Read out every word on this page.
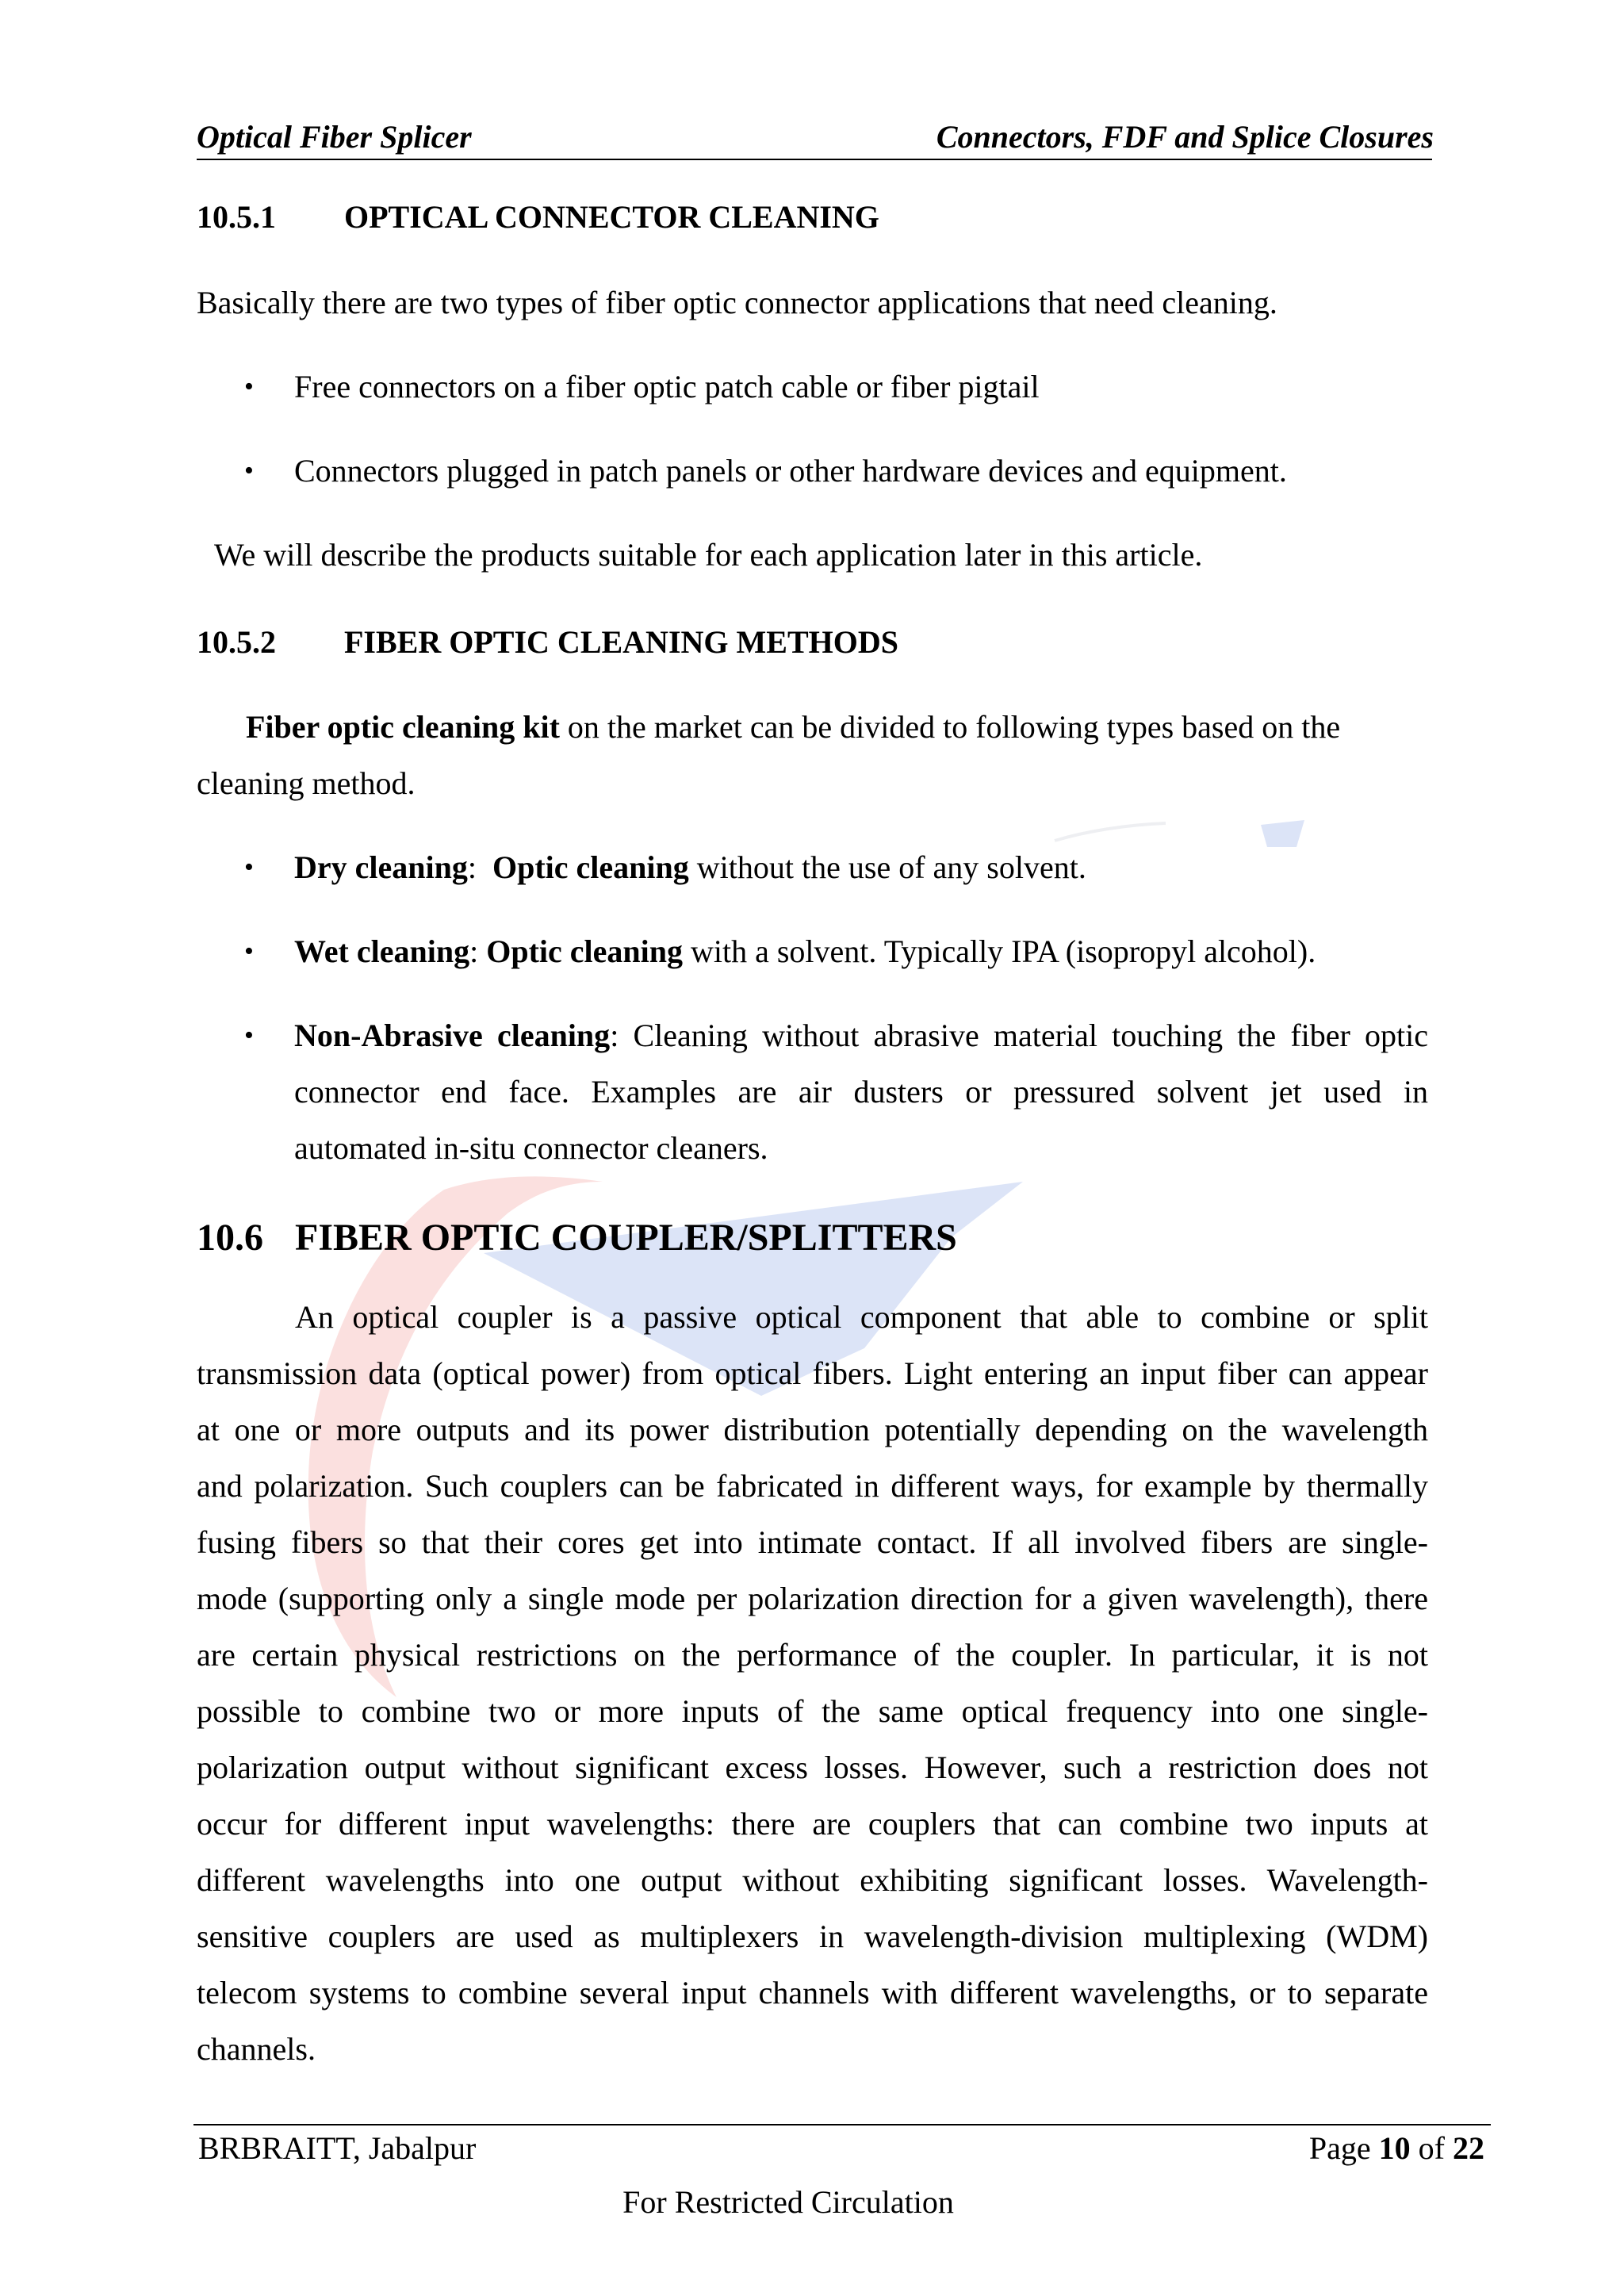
Optical Fiber Splicer	Connectors, FDF and Splice Closures
10.5.1 OPTICAL CONNECTOR CLEANING
Basically there are two types of fiber optic connector applications that need cleaning.
• Free connectors on a fiber optic patch cable or fiber pigtail
• Connectors plugged in patch panels or other hardware devices and equipment.
We will describe the products suitable for each application later in this article.
10.5.2 FIBER OPTIC CLEANING METHODS
Fiber optic cleaning kit on the market can be divided to following types based on the
cleaning method.
• Dry cleaning:  Optic cleaning without the use of any solvent.
• Wet cleaning: Optic cleaning with a solvent. Typically IPA (isopropyl alcohol).
• Non-Abrasive cleaning: Cleaning without abrasive material touching the fiber optic
connector end face. Examples are air dusters or pressured solvent jet used in
automated in-situ connector cleaners.
10.6 FIBER OPTIC COUPLER/SPLITTERS
An optical coupler is a passive optical component that able to combine or split
transmission data (optical power) from optical fibers. Light entering an input fiber can appear
at one or more outputs and its power distribution potentially depending on the wavelength
and polarization. Such couplers can be fabricated in different ways, for example by thermally
fusing fibers so that their cores get into intimate contact. If all involved fibers are single-
mode (supporting only a single mode per polarization direction for a given wavelength), there
are certain physical restrictions on the performance of the coupler. In particular, it is not
possible to combine two or more inputs of the same optical frequency into one single-
polarization output without significant excess losses. However, such a restriction does not
occur for different input wavelengths: there are couplers that can combine two inputs at
different wavelengths into one output without exhibiting significant losses. Wavelength-
sensitive couplers are used as multiplexers in wavelength-division multiplexing (WDM)
telecom systems to combine several input channels with different wavelengths, or to separate
channels.
BRBRAITT, Jabalpur	Page 10 of 22
For Restricted Circulation
